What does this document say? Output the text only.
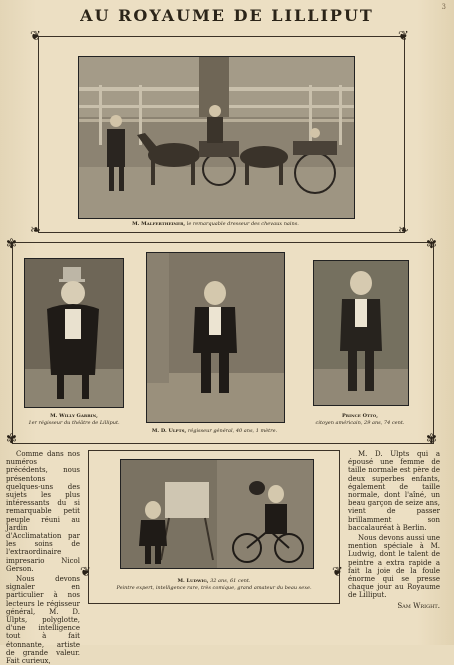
3
AU ROYAUME DE LILLIPUT
❦	❦
❧	❧
M. Malfertheiner, le remarquable dresseur des chevaux nains.
✾	✾
✾	✾
M. Willy Garbin,
1er régisseur du théâtre de Lilliput.
M. D. Ulpts, régisseur général, 40 ans, 1 mètre.
Prince Otto,
citoyen américain, 29 ans, 74 cent.
❦	❦
M. Ludwig, 32 ans, 61 cent.
Peintre expert, intelligence rare, très comique, grand amateur du beau sexe.

Comme dans nos numéros précédents, nous présentons quelques-uns des sujets les plus intéressants du si remarquable petit peuple réuni au Jardin d'Acclimatation par les soins de l'extraordinaire impresario Nicol Gerson.

Nous devons signaler en particulier à nos lecteurs le régisseur général, M. D. Ulpts, polyglotte, d'une intelligence tout à fait étonnante, artiste de grande valeur. Fait curieux,

M. D. Ulpts qui a épousé une femme de taille normale est père de deux superbes enfants, également de taille normale, dont l'aîné, un beau garçon de seize ans, vient de passer brillamment son baccalauréat à Berlin.

Nous devons aussi une mention spéciale à M. Ludwig, dont le talent de peintre a extra rapide a fait la joie de la foule énorme qui se presse chaque jour au Royaume de Lilliput.

Sam Wright.
